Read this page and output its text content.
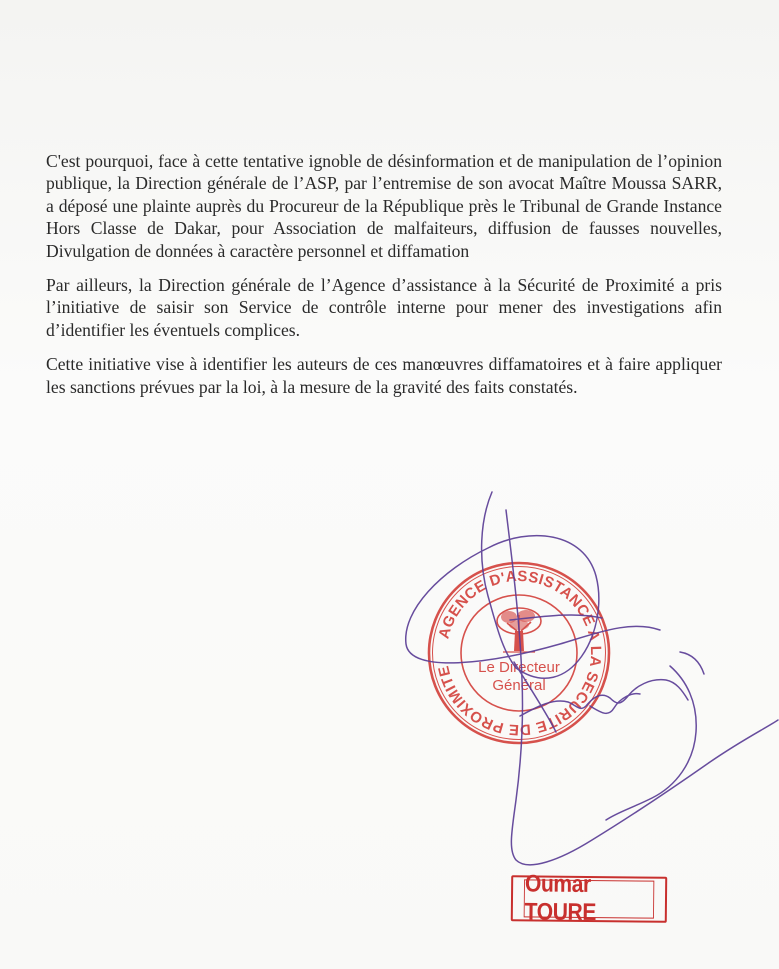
C'est pourquoi, face à cette tentative ignoble de désinformation et de manipulation de l’opinion publique, la Direction générale de l’ASP, par l’entremise de son avocat Maître Moussa SARR, a déposé une plainte auprès du Procureur de la République près le Tribunal de Grande Instance Hors Classe de Dakar, pour Association de malfaiteurs, diffusion de fausses nouvelles, Divulgation de données à caractère personnel et diffamation

Par ailleurs, la Direction générale de l’Agence d’assistance à la Sécurité de Proximité a pris l’initiative de saisir son Service de contrôle interne pour mener des investigations afin d’identifier les éventuels complices.

Cette initiative vise à identifier les auteurs de ces manœuvres diffamatoires et à faire appliquer les sanctions prévues par la loi, à la mesure de la gravité des faits constatés.

AGENCE D'ASSISTANCE A LA SECURITE DE PROXIMITE	Le Directeur
Général
Oumar TOURE
